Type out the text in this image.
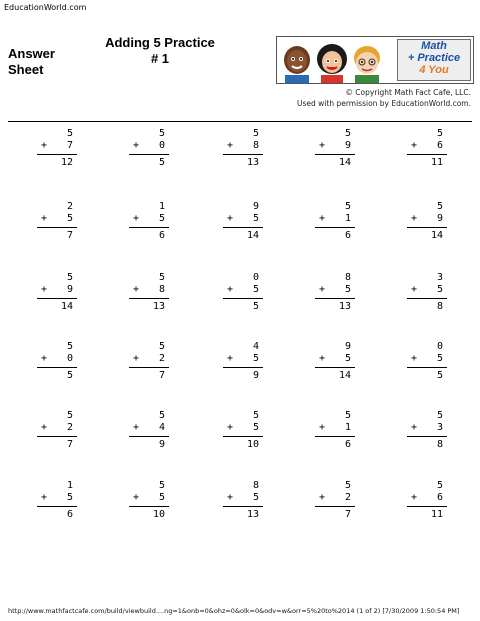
EducationWorld.com
Answer
Sheet
Adding 5 Practice
# 1
Math
+ Practice
4 You
© Copyright Math Fact Cafe, LLC.
Used with permission by EducationWorld.com.
5
+ 7
12
5
+ 0
5
5
+ 8
13
5
+ 9
14
5
+ 6
11
2
+ 5
7
1
+ 5
6
9
+ 5
14
5
+ 1
6
5
+ 9
14
5
+ 9
14
5
+ 8
13
0
+ 5
5
8
+ 5
13
3
+ 5
8
5
+ 0
5
5
+ 2
7
4
+ 5
9
9
+ 5
14
0
+ 5
5
5
+ 2
7
5
+ 4
9
5
+ 5
10
5
+ 1
6
5
+ 3
8
1
+ 5
6
5
+ 5
10
8
+ 5
13
5
+ 2
7
5
+ 6
11
http://www.mathfactcafe.com/build/viewbuild....ng=1&onb=0&ohz=0&olk=0&odv=w&orr=5%20to%2014 (1 of 2) [7/30/2009 1:50:54 PM]
